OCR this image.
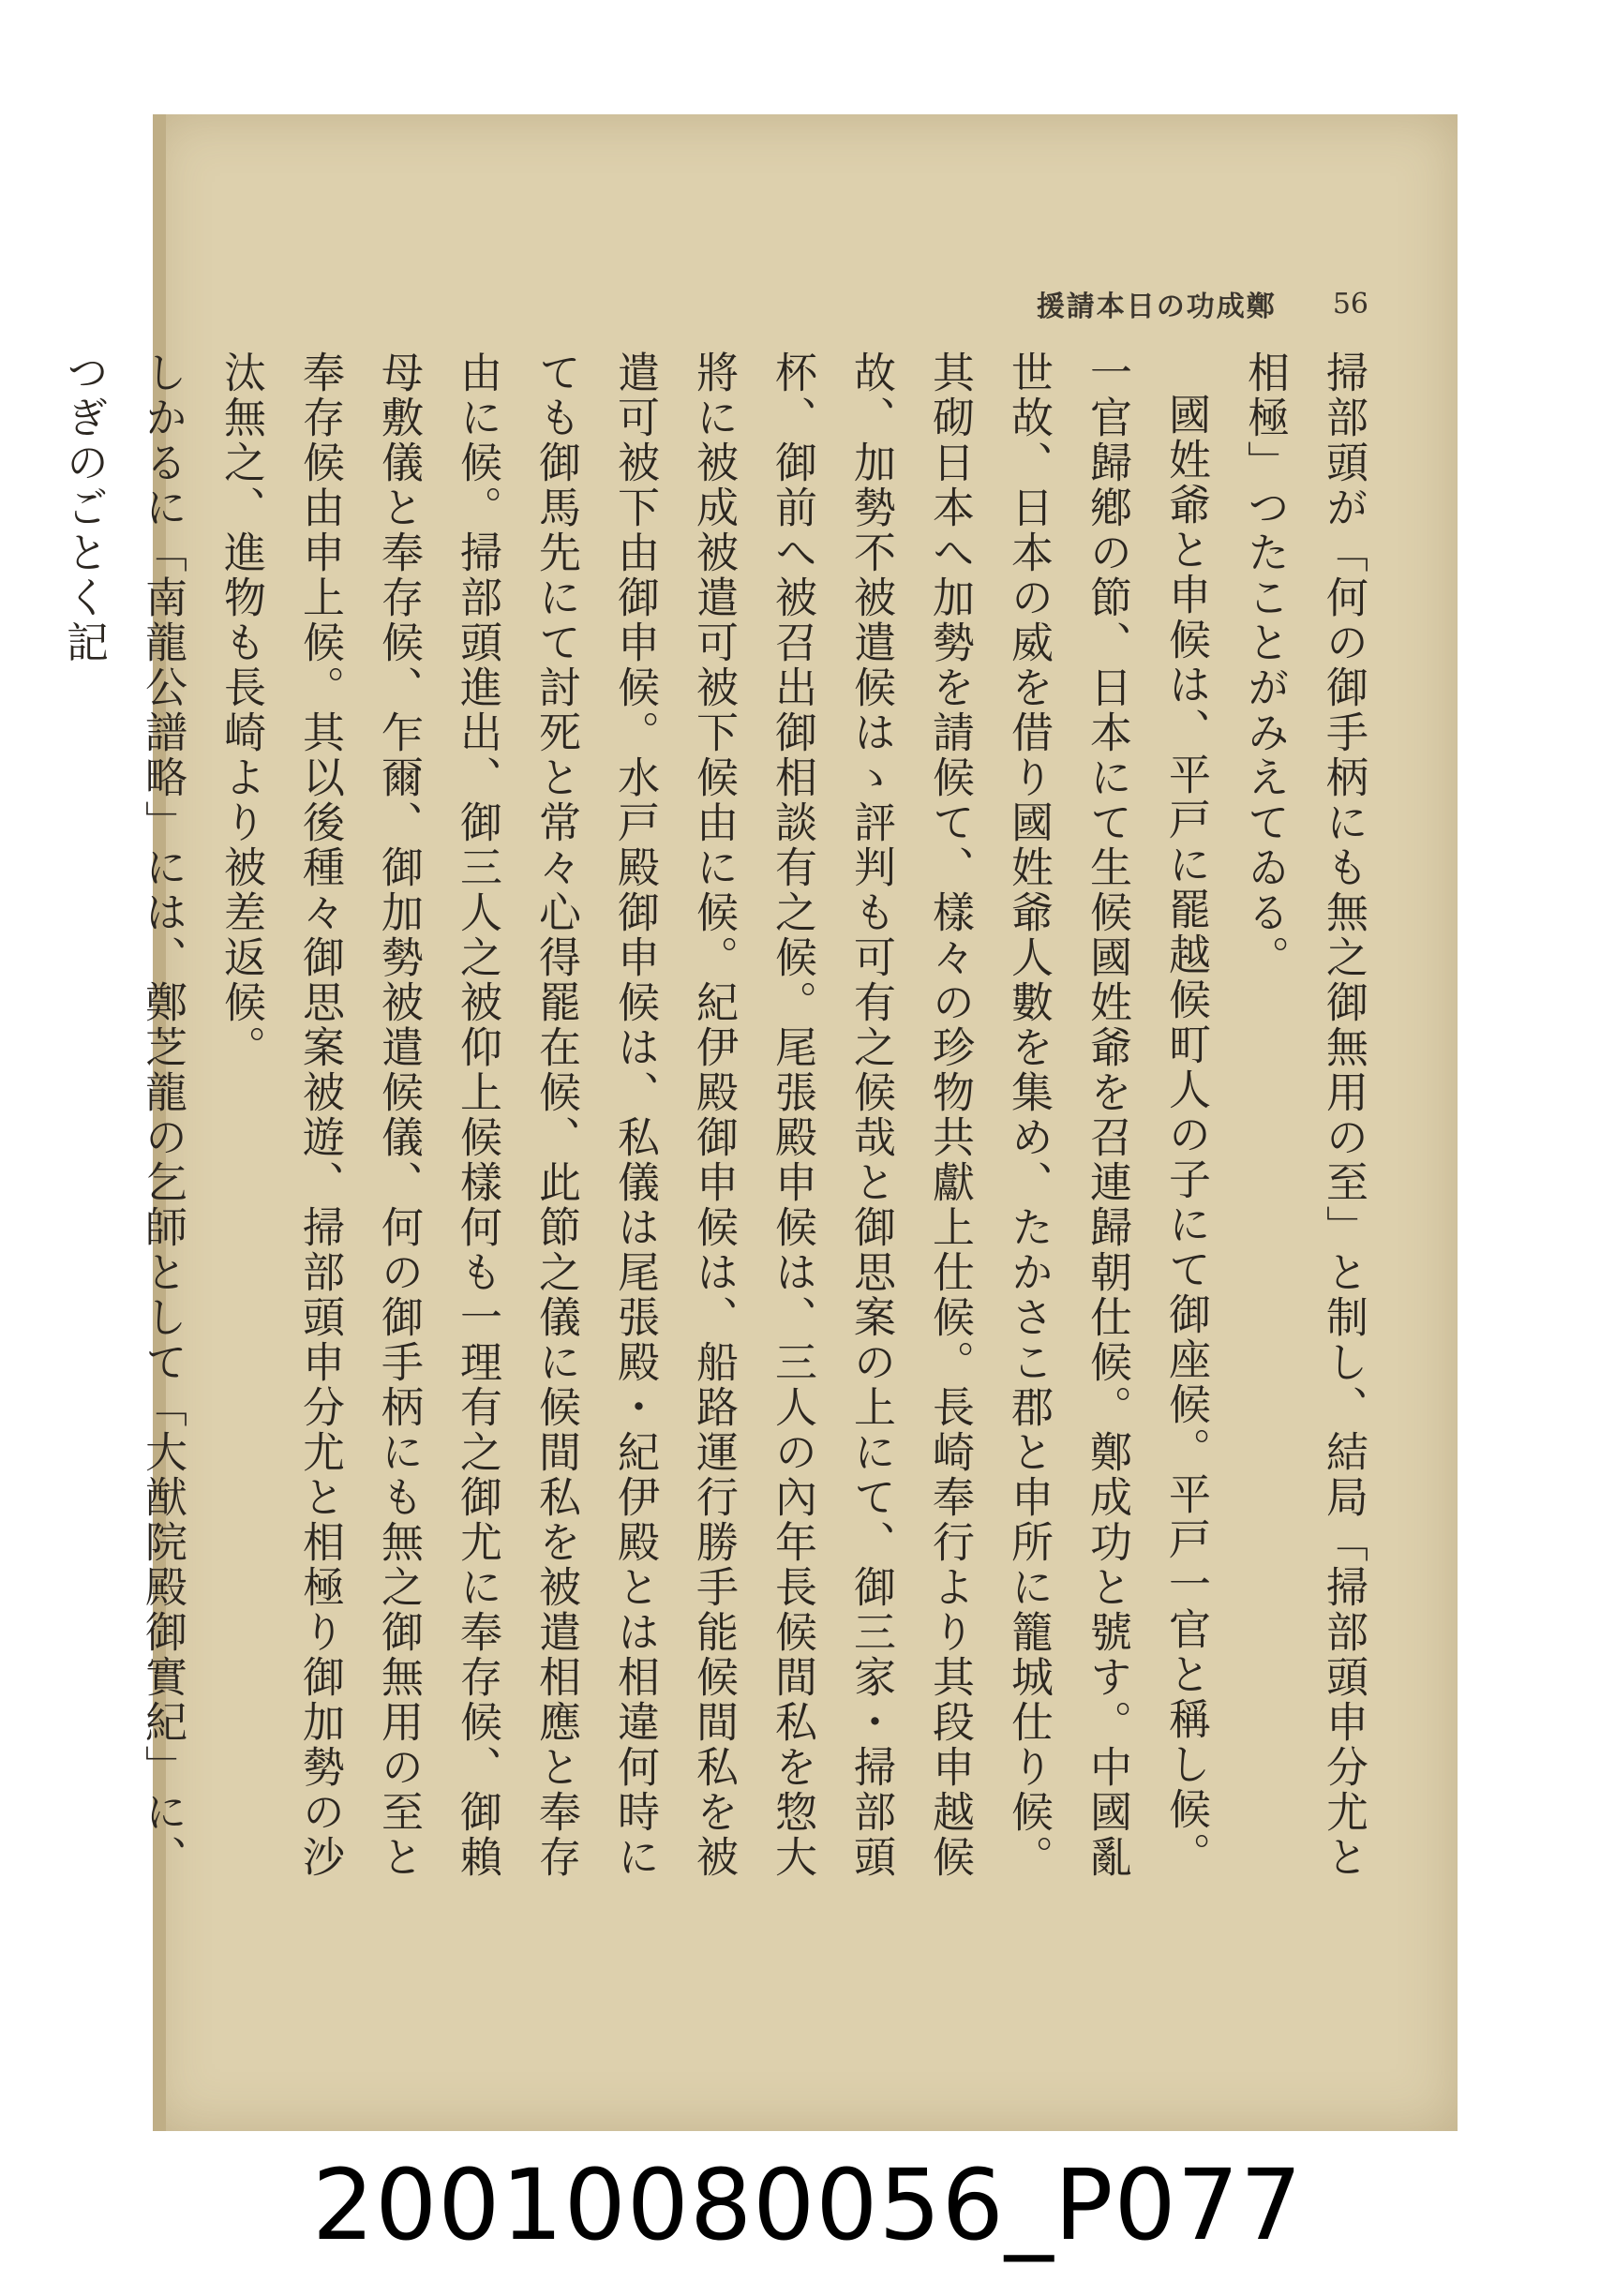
鄭成功の日本請援 56

掃部頭が「何の御手柄にも無之御無用の至」と制し、結局「掃部頭申分尤と相極」つたことがみえてゐる。

國姓爺と申候は、平戸に罷越候町人の子にて御座候。平戸一官と稱し候。一官歸鄕の節、日本にて生候國姓爺を召連歸朝仕候。鄭成功と號す。中國亂世故、日本の威を借り國姓爺人數を集め、たかさこ郡と申所に籠城仕り候。其砌日本へ加勢を請候て、樣々の珍物共獻上仕候。長崎奉行より其段申越候故、加勢不被遣候はゝ評判も可有之候哉と御思案の上にて、御三家・掃部頭杯、御前へ被召出御相談有之候。尾張殿申候は、三人の內年長候間私を惣大將に被成被遣可被下候由に候。紀伊殿御申候は、船路運行勝手能候間私を被遣可被下由御申候。水戸殿御申候は、私儀は尾張殿・紀伊殿とは相違何時にても御馬先にて討死と常々心得罷在候、此節之儀に候間私を被遣相應と奉存由に候。掃部頭進出、御三人之被仰上候樣何も一理有之御尤に奉存候、御賴母敷儀と奉存候、乍爾、御加勢被遣候儀、何の御手柄にも無之御無用の至と奉存候由申上候。其以後種々御思案被遊、掃部頭申分尤と相極り御加勢の沙汰無之、進物も長崎より被差返候。

しかるに「南龍公譜略」には、鄭芝龍の乞師として「大猷院殿御實紀」に、つぎのごとく記

20010080056_P077
